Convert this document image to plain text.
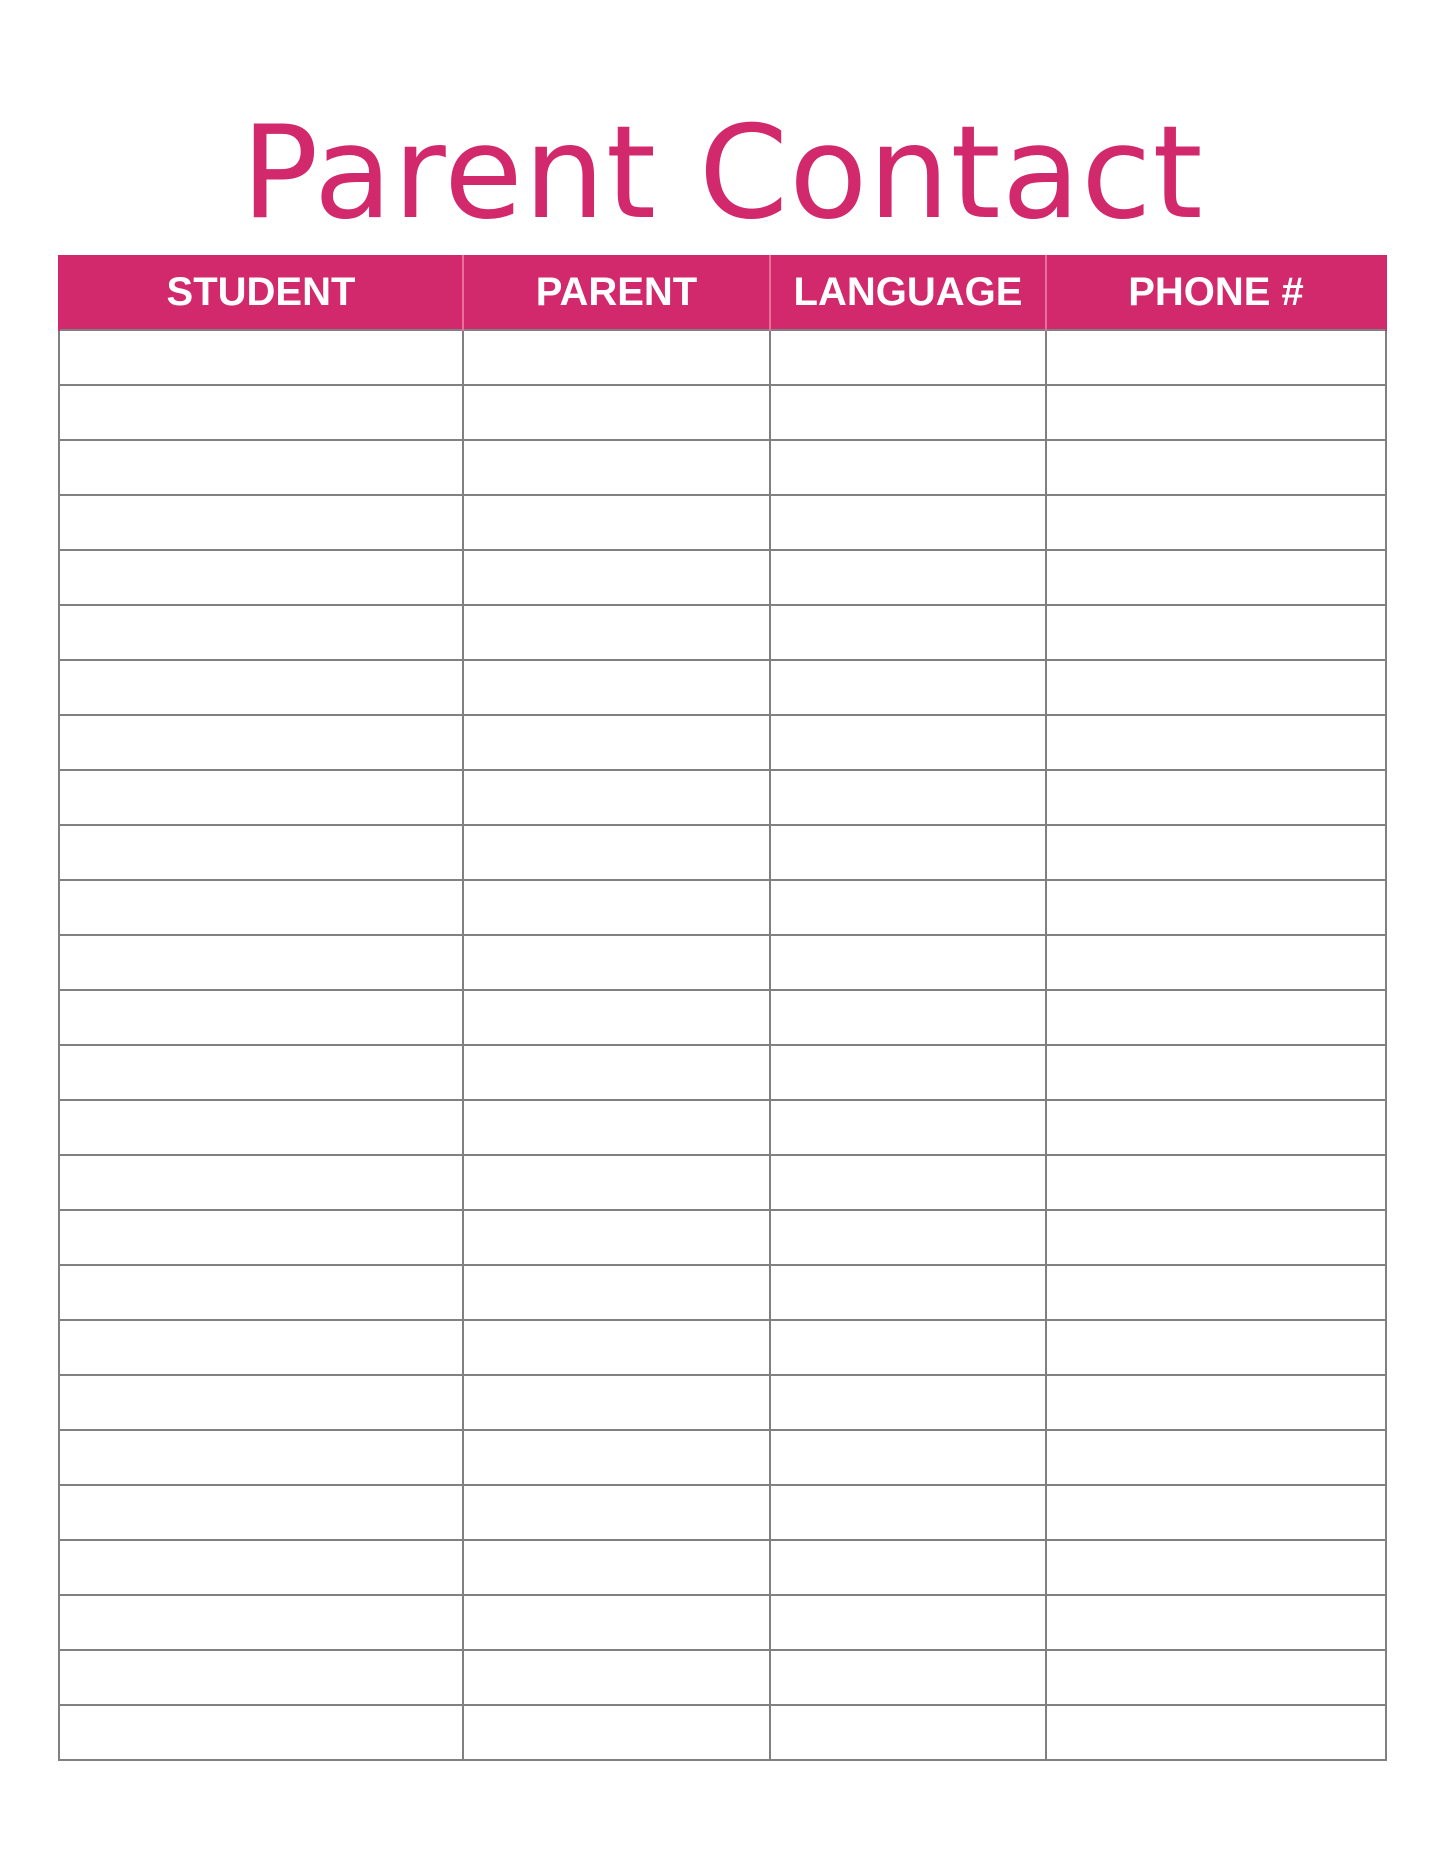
Parent Contact
STUDENT	PARENT	LANGUAGE	PHONE #
